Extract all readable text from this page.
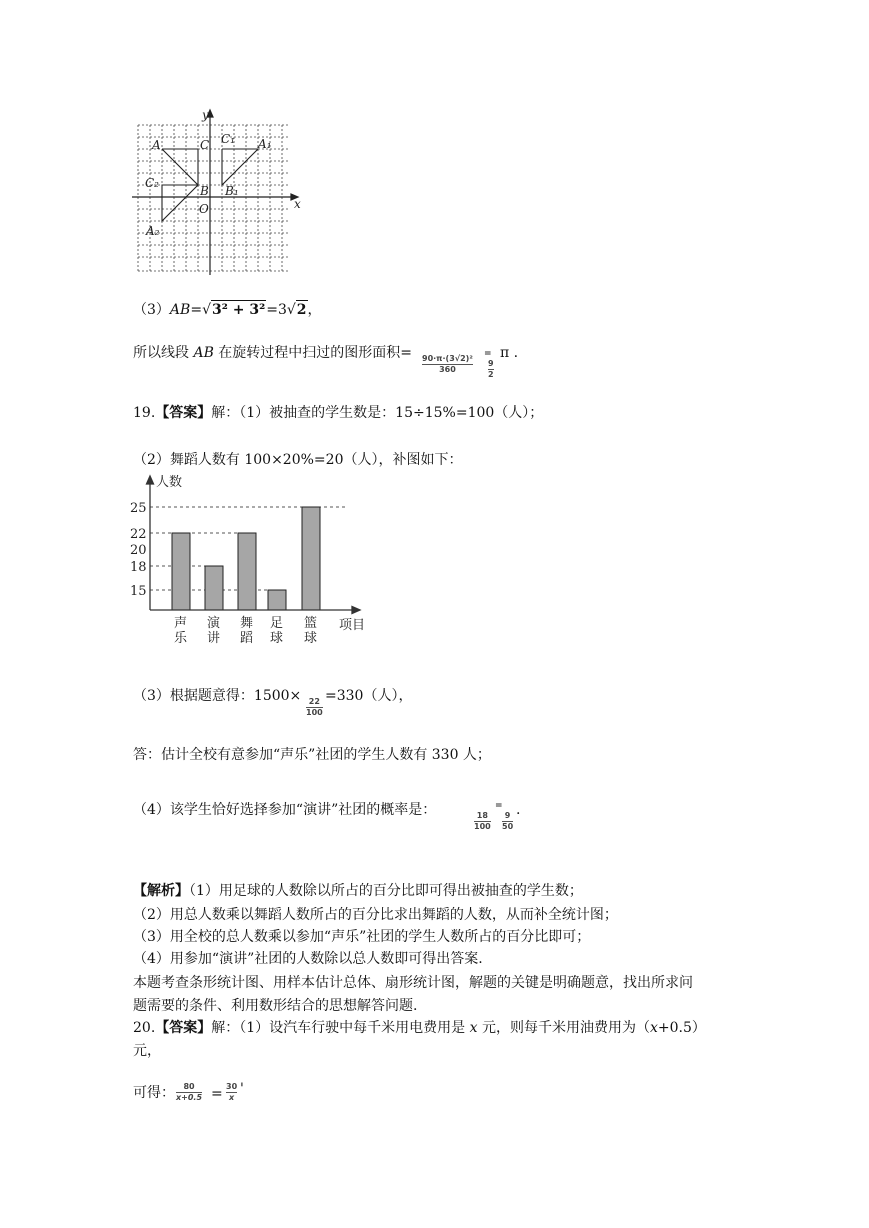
y
x
O
A	C
B
C₁ A₁
B₁
C₂
A₂
（3）AB=√3² + 3²=3√2，
所以线段 AB 在旋转过程中扫过的图形面积= 90·π·(3√2)²
360
=
9
2
π .
19.【答案】解：（1）被抽查的学生数是：15÷15%=100（人）；
（2）舞蹈人数有 100×20%=20（人），补图如下：
15
18
20
22
25
声
乐
演
讲
舞
蹈
足
球
篮
球
人数
项目
（3）根据题意得：1500× 22
100
=330（人），
答：估计全校有意参加“声乐”社团的学生人数有 330 人；
（4）该学生恰好选择参加“演讲”社团的概率是：	18
100
=
9
50
.
【解析】（1）用足球的人数除以所占的百分比即可得出被抽查的学生数；
（2）用总人数乘以舞蹈人数所占的百分比求出舞蹈的人数，从而补全统计图；
（3）用全校的总人数乘以参加“声乐”社团的学生人数所占的百分比即可；
（4）用参加“演讲”社团的人数除以总人数即可得出答案.
本题考查条形统计图、用样本估计总体、扇形统计图，解题的关键是明确题意，找出所求问
题需要的条件、利用数形结合的思想解答问题.
20.【答案】解：（1）设汽车行驶中每千米用电费用是 x 元，则每千米用油费用为（x+0.5）
元，
可得： 80
x+0.5 = 30
x
'
